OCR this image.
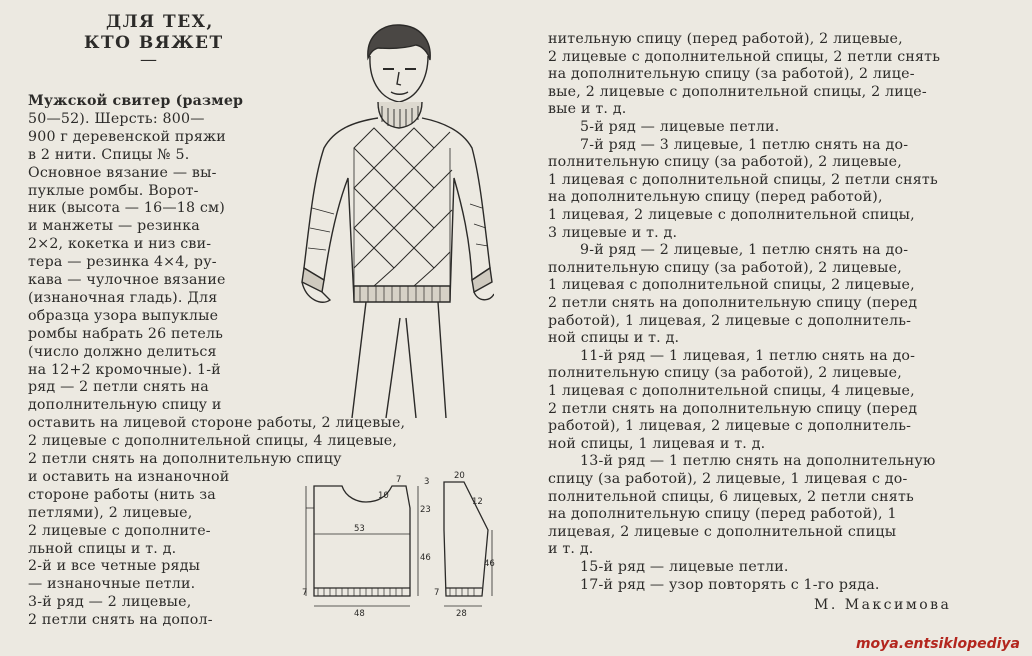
ДЛЯ ТЕХ,
КТО ВЯЖЕТ
—
Мужской свитер (размер
50—52). Шерсть: 800—
900 г деревенской пряжи
в 2 нити. Спицы № 5.
Основное вязание — вы-
пуклые ромбы. Ворот-
ник (высота — 16—18 см)
и манжеты — резинка
2×2, кокетка и низ сви-
тера — резинка 4×4, ру-
кава — чулочное вязание
(изнаночная гладь). Для
образца узора выпуклые
ромбы набрать 26 петель
(число должно делиться
на 12+2 кромочные). 1-й
ряд — 2 петли снять на
дополнительную спицу и
оставить на лицевой стороне работы, 2 лицевые,
2 лицевые с дополнительной спицы, 4 лицевые,
2 петли снять на дополнительную спицу
и оставить на изнаночной
стороне работы (нить за
петлями), 2 лицевые,
2 лицевые с дополните-
льной спицы и т. д.
2-й и все четные ряды
— изнаночные петли.
3-й ряд — 2 лицевые,
2 петли снять на допол-
нительную спицу (перед работой), 2 лицевые,
2 лицевые с дополнительной спицы, 2 петли снять
на дополнительную спицу (за работой), 2 лице-
вые, 2 лицевые с дополнительной спицы, 2 лице-
вые и т. д.
5-й ряд — лицевые петли.
7-й ряд — 3 лицевые, 1 петлю снять на до-
полнительную спицу (за работой), 2 лицевые,
1 лицевая с дополнительной спицы, 2 петли снять
на дополнительную спицу (перед работой),
1 лицевая, 2 лицевые с дополнительной спицы,
3 лицевые и т. д.
9-й ряд — 2 лицевые, 1 петлю снять на до-
полнительную спицу (за работой), 2 лицевые,
1 лицевая с дополнительной спицы, 2 лицевые,
2 петли снять на дополнительную спицу (перед
работой), 1 лицевая, 2 лицевые с дополнитель-
ной спицы и т. д.
11-й ряд — 1 лицевая, 1 петлю снять на до-
полнительную спицу (за работой), 2 лицевые,
1 лицевая с дополнительной спицы, 4 лицевые,
2 петли снять на дополнительную спицу (перед
работой), 1 лицевая, 2 лицевые с дополнитель-
ной спицы, 1 лицевая и т. д.
13-й ряд — 1 петлю снять на дополнительную
спицу (за работой), 2 лицевые, 1 лицевая с до-
полнительной спицы, 6 лицевых, 2 петли снять
на дополнительную спицу (перед работой), 1
лицевая, 2 лицевые с дополнительной спицы
и т. д.
15-й ряд — лицевые петли.
17-й ряд — узор повторять с 1-го ряда.
10
7
23
53
46
7
48
3
20
12
46
7
28
М. Максимова
moya.entsiklopediya
